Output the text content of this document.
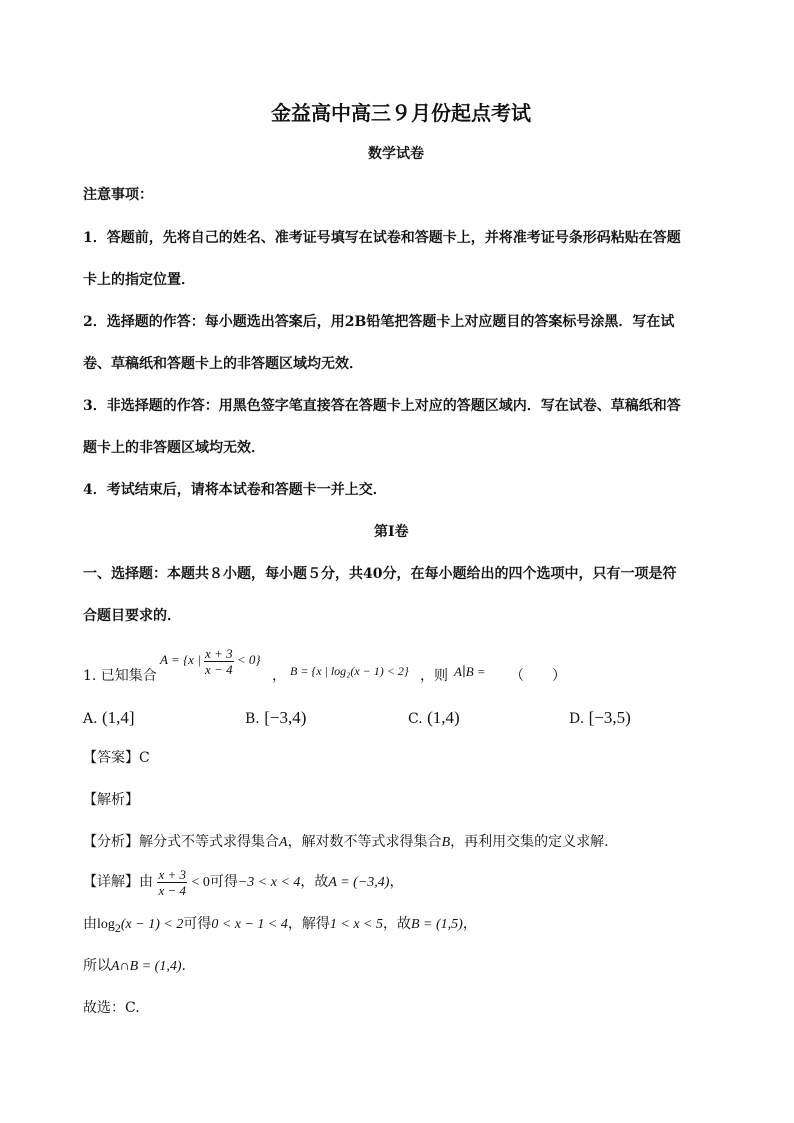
金益高中高三９月份起点考试
数学试卷
注意事项：
1．答题前，先将自己的姓名、准考证号填写在试卷和答题卡上，并将准考证号条形码粘贴在答题
卡上的指定位置．
2．选择题的作答：每小题选出答案后，用2B铅笔把答题卡上对应题目的答案标号涂黑．写在试
卷、草稿纸和答题卡上的非答题区域均无效．
3．非选择题的作答：用黑色签字笔直接答在答题卡上对应的答题区域内．写在试卷、草稿纸和答
题卡上的非答题区域均无效．
4．考试结束后，请将本试卷和答题卡一并上交．
第Ⅰ卷
一、选择题：本题共８小题，每小题５分，共40分，在每小题给出的四个选项中，只有一项是符
合题目要求的．
1. 已知集合
A = {x | $\frac{x + 3}{x - 4} < 0$}
， B = {x | log₂(x − 1) < 2} ，则 A∣B = （　　）
A. (1,4]	B. [−3,4)	C. (1,4)	D. [−3,5)
【答案】C
【解析】
【分析】解分式不等式求得集合A，解对数不等式求得集合B，再利用交集的定义求解.
【详解】由 $\frac{x + 3}{x - 4} < 0$可得−3 < x < 4，故A = (−3,4)，
由$\log_2(x - 1) < 2$可得0 < x − 1 < 4，解得1 < x < 5，故B = (1,5)，
所以A∩B = (1,4).
故选：C.
